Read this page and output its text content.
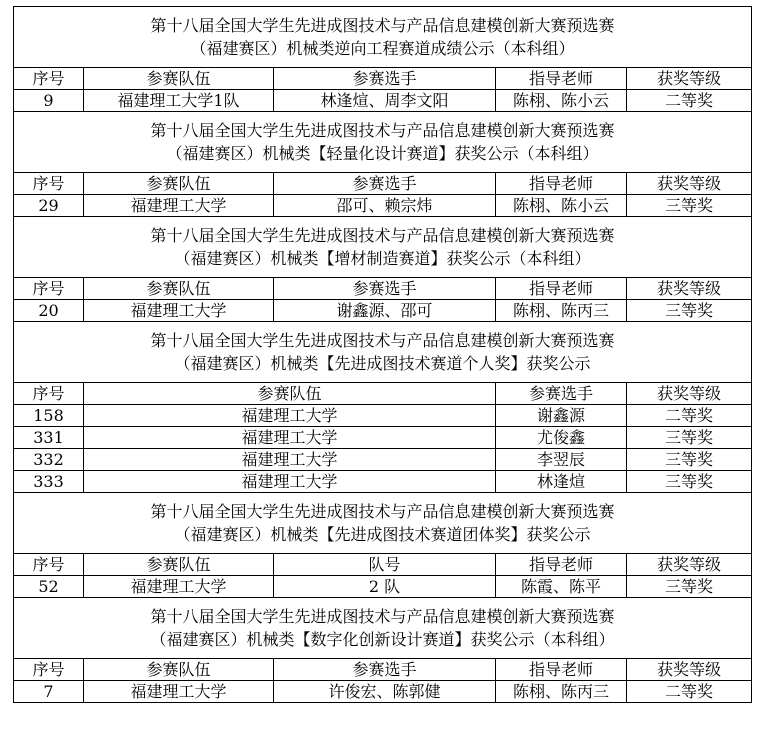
第十八届全国大学生先进成图技术与产品信息建模创新大赛预选赛
（福建赛区）机械类逆向工程赛道成绩公示（本科组）				

序号	参赛队伍	参赛选手	指导老师	获奖等级
9	福建理工大学1队	林逢煊、周李文阳	陈栩、陈小云	二等奖

第十八届全国大学生先进成图技术与产品信息建模创新大赛预选赛
（福建赛区）机械类【轻量化设计赛道】获奖公示（本科组）				

序号	参赛队伍	参赛选手	指导老师	获奖等级
29	福建理工大学	邵可、赖宗炜	陈栩、陈小云	三等奖

第十八届全国大学生先进成图技术与产品信息建模创新大赛预选赛
（福建赛区）机械类【增材制造赛道】获奖公示（本科组）				

序号	参赛队伍	参赛选手	指导老师	获奖等级
20	福建理工大学	谢鑫源、邵可	陈栩、陈丙三	三等奖

第十八届全国大学生先进成图技术与产品信息建模创新大赛预选赛
（福建赛区）机械类【先进成图技术赛道个人奖】获奖公示				

序号	参赛队伍		参赛选手	获奖等级
158	福建理工大学		谢鑫源	二等奖
331	福建理工大学		尤俊鑫	三等奖
332	福建理工大学		李翌辰	三等奖
333	福建理工大学		林逢煊	三等奖

第十八届全国大学生先进成图技术与产品信息建模创新大赛预选赛
（福建赛区）机械类【先进成图技术赛道团体奖】获奖公示				

序号	参赛队伍	队号	指导老师	获奖等级
52	福建理工大学	2 队	陈霞、陈平	三等奖

第十八届全国大学生先进成图技术与产品信息建模创新大赛预选赛
（福建赛区）机械类【数字化创新设计赛道】获奖公示（本科组）				

序号	参赛队伍	参赛选手	指导老师	获奖等级
7	福建理工大学	许俊宏、陈郭健	陈栩、陈丙三	二等奖
